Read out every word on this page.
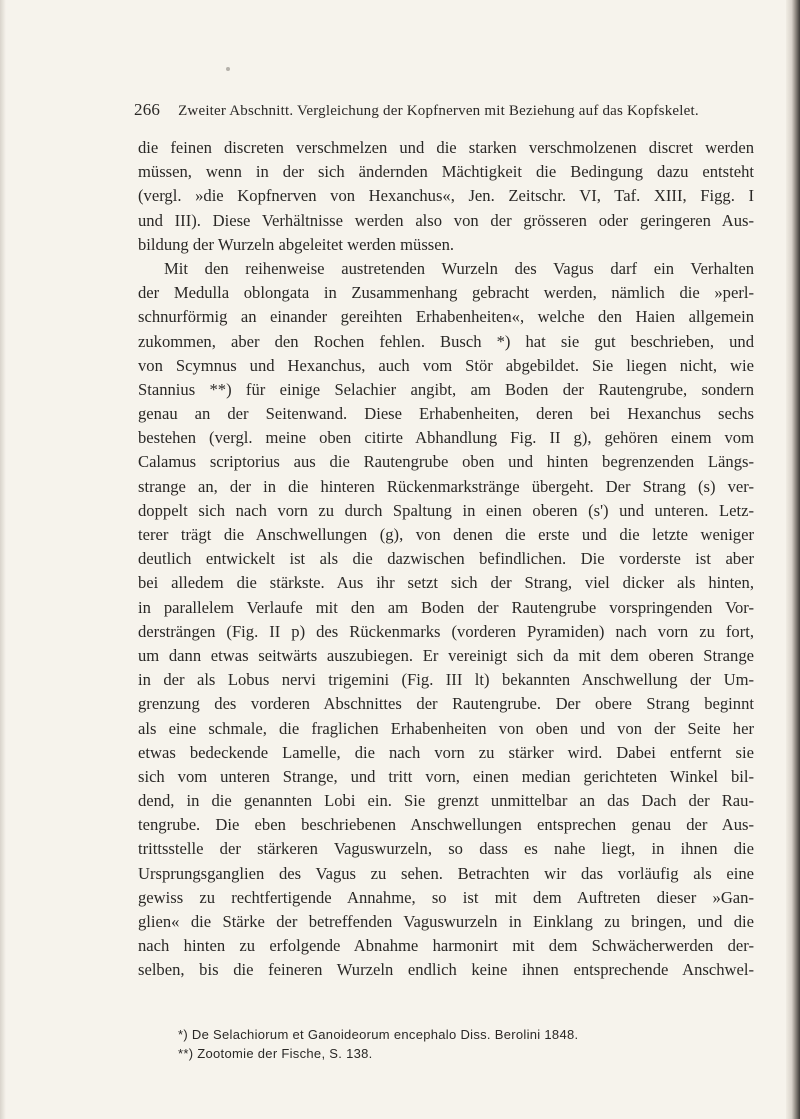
266 Zweiter Abschnitt. Vergleichung der Kopfnerven mit Beziehung auf das Kopfskelet.
die feinen discreten verschmelzen und die starken verschmolzenen discret werden
müssen, wenn in der sich ändernden Mächtigkeit die Bedingung dazu entsteht
(vergl. »die Kopfnerven von Hexanchus«, Jen. Zeitschr. VI, Taf. XIII, Figg. I
und III). Diese Verhältnisse werden also von der grösseren oder geringeren Aus-
bildung der Wurzeln abgeleitet werden müssen.
Mit den reihenweise austretenden Wurzeln des Vagus darf ein Verhalten
der Medulla oblongata in Zusammenhang gebracht werden, nämlich die »perl-
schnurförmig an einander gereihten Erhabenheiten«, welche den Haien allgemein
zukommen, aber den Rochen fehlen. Busch *) hat sie gut beschrieben, und
von Scymnus und Hexanchus, auch vom Stör abgebildet. Sie liegen nicht, wie
Stannius **) für einige Selachier angibt, am Boden der Rautengrube, sondern
genau an der Seitenwand. Diese Erhabenheiten, deren bei Hexanchus sechs
bestehen (vergl. meine oben citirte Abhandlung Fig. II g), gehören einem vom
Calamus scriptorius aus die Rautengrube oben und hinten begrenzenden Längs-
strange an, der in die hinteren Rückenmarkstränge übergeht. Der Strang (s) ver-
doppelt sich nach vorn zu durch Spaltung in einen oberen (s') und unteren. Letz-
terer trägt die Anschwellungen (g), von denen die erste und die letzte weniger
deutlich entwickelt ist als die dazwischen befindlichen. Die vorderste ist aber
bei alledem die stärkste. Aus ihr setzt sich der Strang, viel dicker als hinten,
in parallelem Verlaufe mit den am Boden der Rautengrube vorspringenden Vor-
dersträngen (Fig. II p) des Rückenmarks (vorderen Pyramiden) nach vorn zu fort,
um dann etwas seitwärts auszubiegen. Er vereinigt sich da mit dem oberen Strange
in der als Lobus nervi trigemini (Fig. III lt) bekannten Anschwellung der Um-
grenzung des vorderen Abschnittes der Rautengrube. Der obere Strang beginnt
als eine schmale, die fraglichen Erhabenheiten von oben und von der Seite her
etwas bedeckende Lamelle, die nach vorn zu stärker wird. Dabei entfernt sie
sich vom unteren Strange, und tritt vorn, einen median gerichteten Winkel bil-
dend, in die genannten Lobi ein. Sie grenzt unmittelbar an das Dach der Rau-
tengrube. Die eben beschriebenen Anschwellungen entsprechen genau der Aus-
trittsstelle der stärkeren Vaguswurzeln, so dass es nahe liegt, in ihnen die
Ursprungsganglien des Vagus zu sehen. Betrachten wir das vorläufig als eine
gewiss zu rechtfertigende Annahme, so ist mit dem Auftreten dieser »Gan-
glien« die Stärke der betreffenden Vaguswurzeln in Einklang zu bringen, und die
nach hinten zu erfolgende Abnahme harmonirt mit dem Schwächerwerden der-
selben, bis die feineren Wurzeln endlich keine ihnen entsprechende Anschwel-
*) De Selachiorum et Ganoideorum encephalo Diss. Berolini 1848.
**) Zootomie der Fische, S. 138.
